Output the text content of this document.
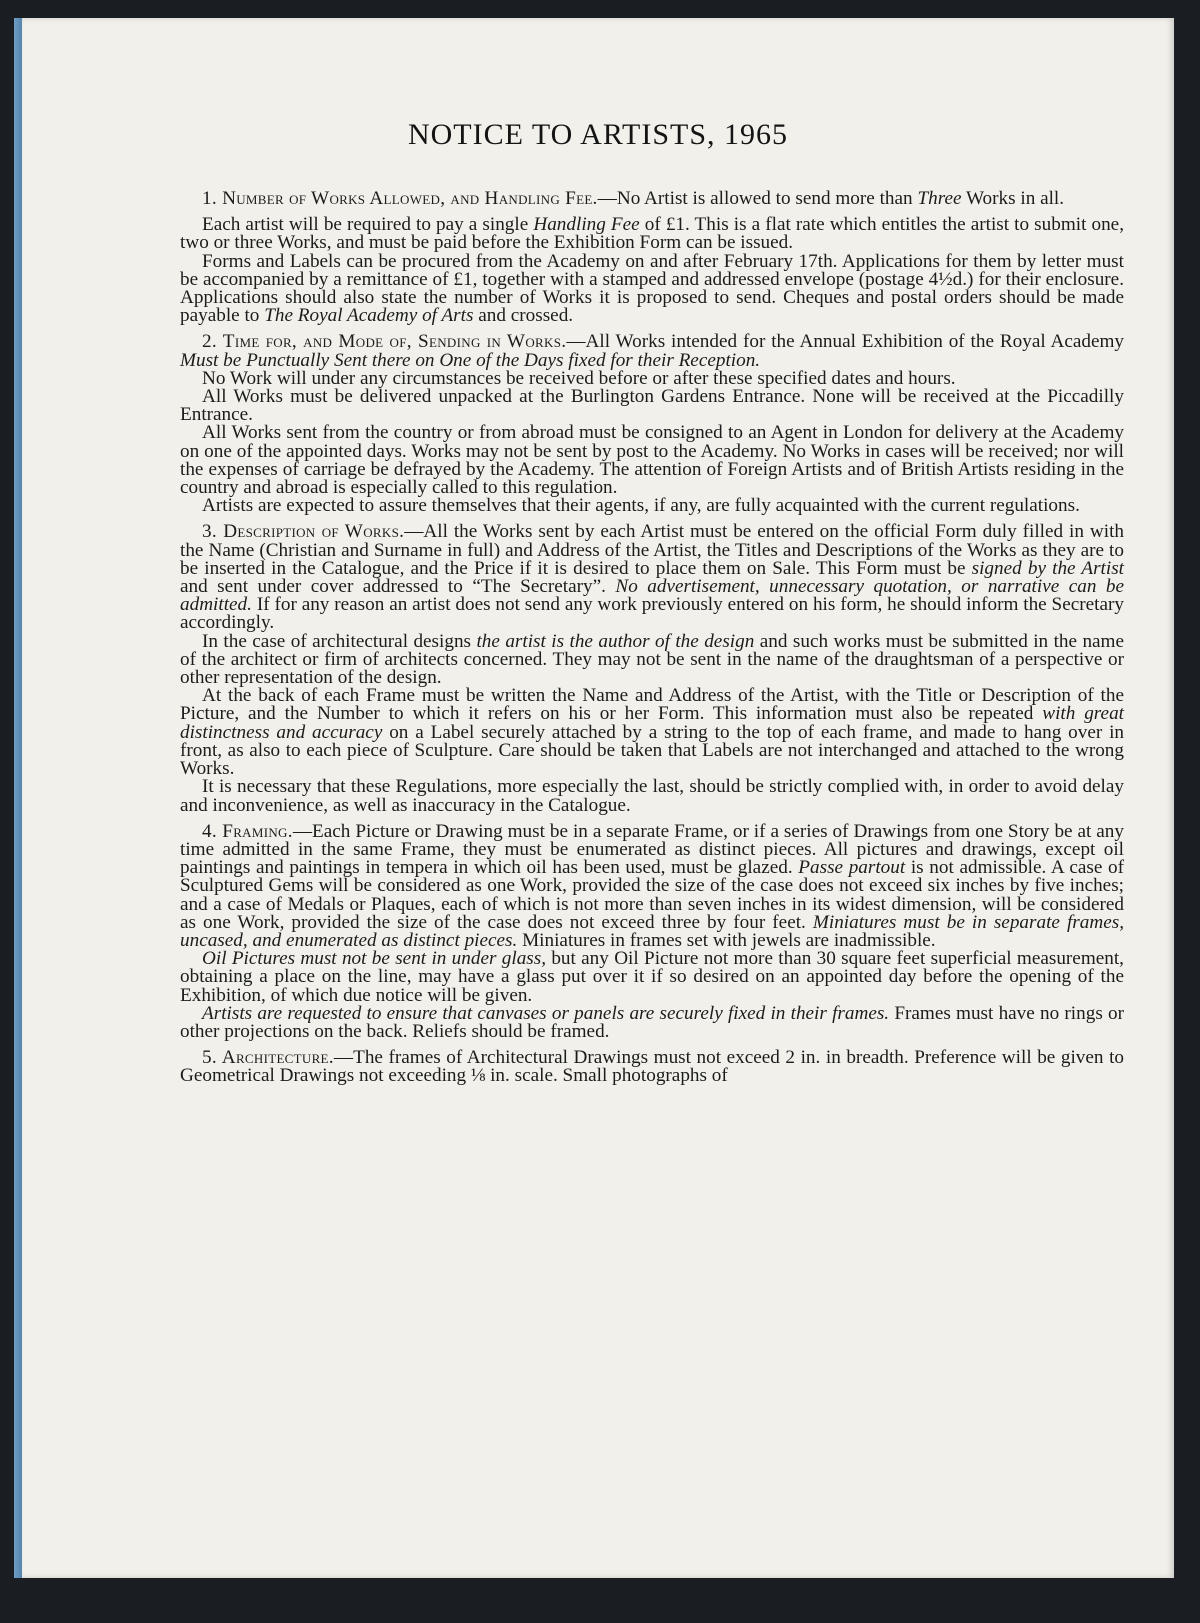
NOTICE TO ARTISTS, 1965

1. Number of Works Allowed, and Handling Fee.—No Artist is allowed to send more than Three Works in all.

Each artist will be required to pay a single Handling Fee of £1. This is a flat rate which entitles the artist to submit one, two or three Works, and must be paid before the Exhibition Form can be issued.

Forms and Labels can be procured from the Academy on and after February 17th. Applications for them by letter must be accompanied by a remittance of £1, together with a stamped and addressed envelope (postage 4½d.) for their enclosure. Applications should also state the number of Works it is proposed to send. Cheques and postal orders should be made payable to The Royal Academy of Arts and crossed.

2. Time for, and Mode of, Sending in Works.—All Works intended for the Annual Exhibition of the Royal Academy Must be Punctually Sent there on One of the Days fixed for their Reception.

No Work will under any circumstances be received before or after these specified dates and hours.

All Works must be delivered unpacked at the Burlington Gardens Entrance. None will be received at the Piccadilly Entrance.

All Works sent from the country or from abroad must be consigned to an Agent in London for delivery at the Academy on one of the appointed days. Works may not be sent by post to the Academy. No Works in cases will be received; nor will the expenses of carriage be defrayed by the Academy. The attention of Foreign Artists and of British Artists residing in the country and abroad is especially called to this regulation.

Artists are expected to assure themselves that their agents, if any, are fully acquainted with the current regulations.

3. Description of Works.—All the Works sent by each Artist must be entered on the official Form duly filled in with the Name (Christian and Surname in full) and Address of the Artist, the Titles and Descriptions of the Works as they are to be inserted in the Catalogue, and the Price if it is desired to place them on Sale. This Form must be signed by the Artist and sent under cover addressed to “The Secretary”. No advertisement, unnecessary quotation, or narrative can be admitted. If for any reason an artist does not send any work previously entered on his form, he should inform the Secretary accordingly.

In the case of architectural designs the artist is the author of the design and such works must be submitted in the name of the architect or firm of architects concerned. They may not be sent in the name of the draughtsman of a perspective or other representation of the design.

At the back of each Frame must be written the Name and Address of the Artist, with the Title or Description of the Picture, and the Number to which it refers on his or her Form. This information must also be repeated with great distinctness and accuracy on a Label securely attached by a string to the top of each frame, and made to hang over in front, as also to each piece of Sculpture. Care should be taken that Labels are not interchanged and attached to the wrong Works.

It is necessary that these Regulations, more especially the last, should be strictly complied with, in order to avoid delay and inconvenience, as well as inaccuracy in the Catalogue.

4. Framing.—Each Picture or Drawing must be in a separate Frame, or if a series of Drawings from one Story be at any time admitted in the same Frame, they must be enumerated as distinct pieces. All pictures and drawings, except oil paintings and paintings in tempera in which oil has been used, must be glazed. Passe partout is not admissible. A case of Sculptured Gems will be considered as one Work, provided the size of the case does not exceed six inches by five inches; and a case of Medals or Plaques, each of which is not more than seven inches in its widest dimension, will be considered as one Work, provided the size of the case does not exceed three by four feet. Miniatures must be in separate frames, uncased, and enumerated as distinct pieces. Miniatures in frames set with jewels are inadmissible.

Oil Pictures must not be sent in under glass, but any Oil Picture not more than 30 square feet superficial measurement, obtaining a place on the line, may have a glass put over it if so desired on an appointed day before the opening of the Exhibition, of which due notice will be given.

Artists are requested to ensure that canvases or panels are securely fixed in their frames. Frames must have no rings or other projections on the back. Reliefs should be framed.

5. Architecture.—The frames of Architectural Drawings must not exceed 2 in. in breadth. Preference will be given to Geometrical Drawings not exceeding ⅛ in. scale. Small photographs of
